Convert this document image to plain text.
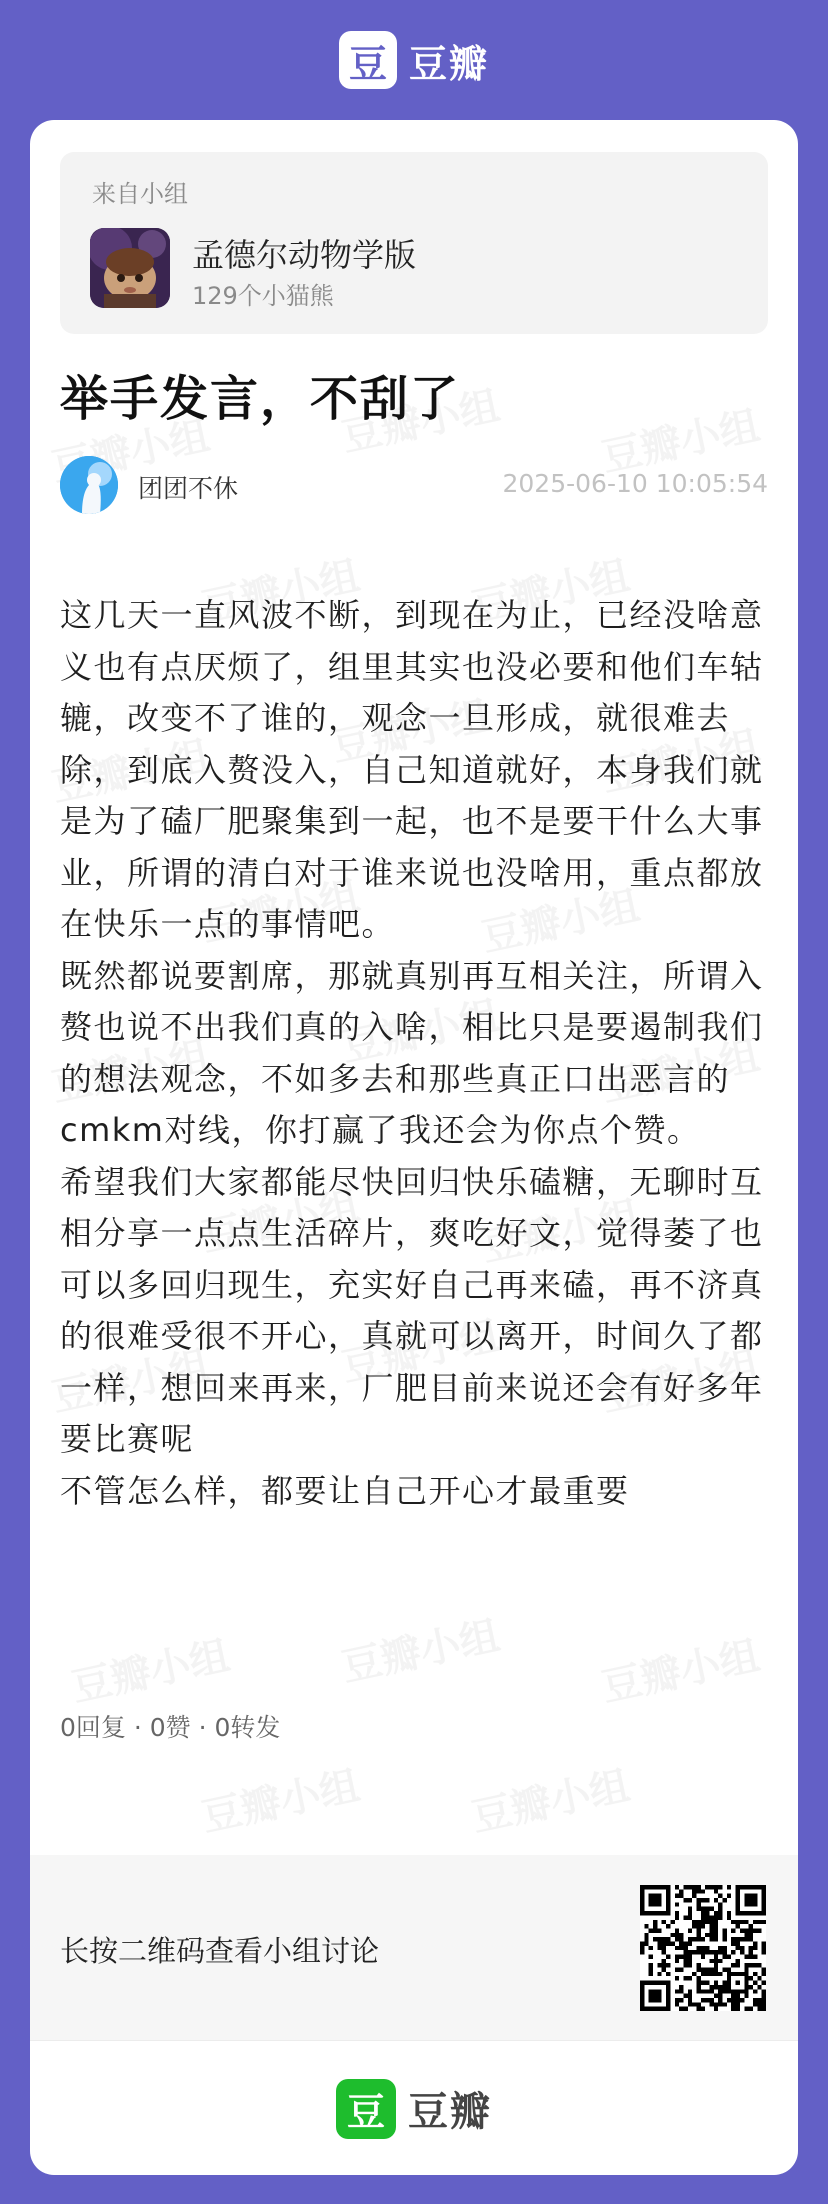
豆 豆瓣
来自小组
孟德尔动物学版
129个小猫熊
举手发言，不刮了
团团不休	2025-06-10 10:05:54

这几天一直风波不断，到现在为止，已经没啥意义也有点厌烦了，组里其实也没必要和他们车轱辘，改变不了谁的，观念一旦形成，就很难去除，到底入赘没入，自己知道就好，本身我们就是为了磕厂肥聚集到一起，也不是要干什么大事业，所谓的清白对于谁来说也没啥用，重点都放在快乐一点的事情吧。

既然都说要割席，那就真别再互相关注，所谓入赘也说不出我们真的入啥，相比只是要遏制我们的想法观念，不如多去和那些真正口出恶言的cmkm对线，你打赢了我还会为你点个赞。

希望我们大家都能尽快回归快乐磕糖，无聊时互相分享一点点生活碎片，爽吃好文，觉得萎了也可以多回归现生，充实好自己再来磕，再不济真的很难受很不开心，真就可以离开，时间久了都一样，想回来再来，厂肥目前来说还会有好多年要比赛呢

不管怎么样，都要让自己开心才最重要

0回复 · 0赞 · 0转发
长按二维码查看小组讨论
豆 豆瓣
